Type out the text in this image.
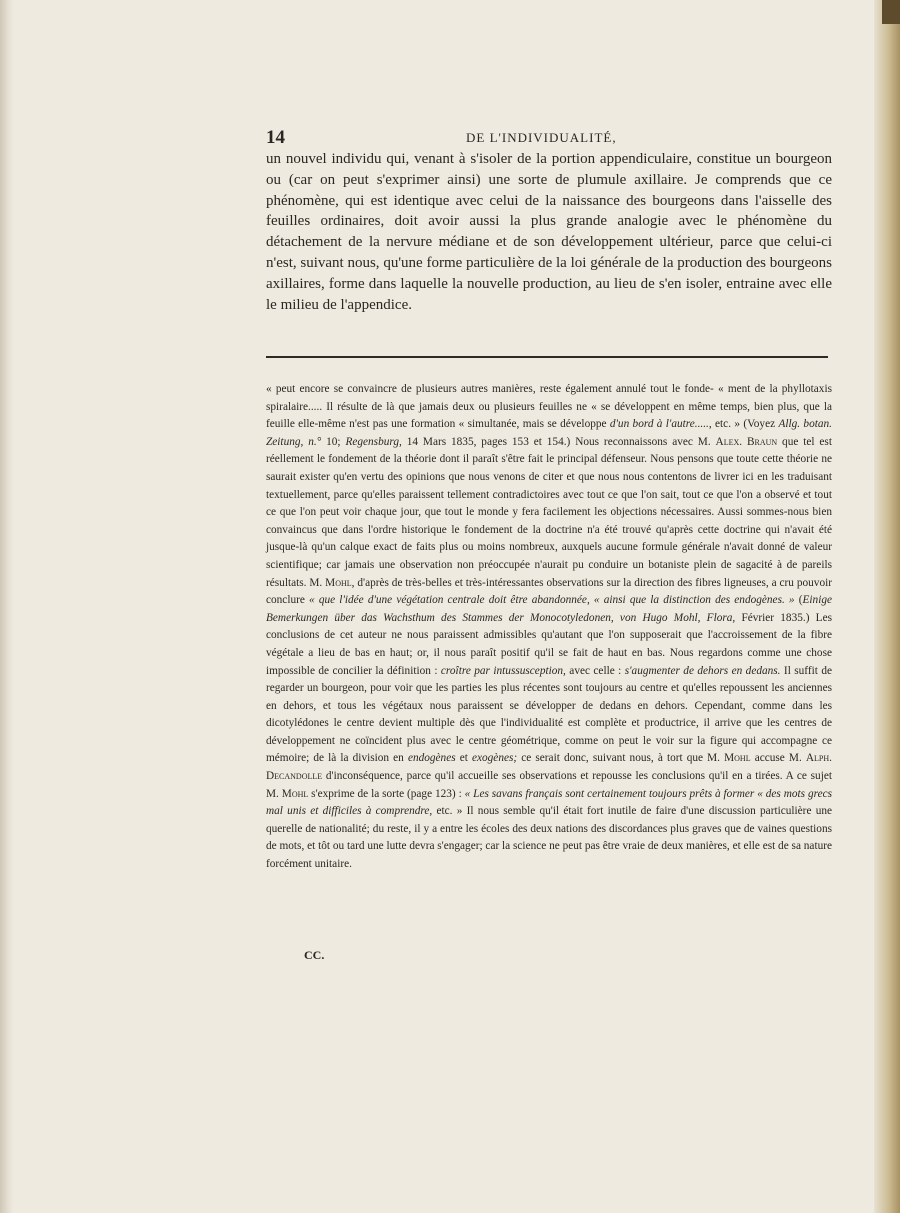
14	DE L'INDIVIDUALITÉ,

un nouvel individu qui, venant à s'isoler de la portion appendiculaire, constitue un bourgeon ou (car on peut s'exprimer ainsi) une sorte de plumule axillaire. Je comprends que ce phénomène, qui est identique avec celui de la naissance des bourgeons dans l'aisselle des feuilles ordinaires, doit avoir aussi la plus grande analogie avec le phénomène du détachement de la nervure médiane et de son développement ultérieur, parce que celui-ci n'est, suivant nous, qu'une forme particulière de la loi générale de la production des bourgeons axillaires, forme dans laquelle la nouvelle production, au lieu de s'en isoler, entraine avec elle le milieu de l'appendice.

« peut encore se convaincre de plusieurs autres manières, reste également annulé tout le fonde- « ment de la phyllotaxis spiralaire..... Il résulte de là que jamais deux ou plusieurs feuilles ne « se développent en même temps, bien plus, que la feuille elle-même n'est pas une formation « simultanée, mais se développe d'un bord à l'autre....., etc. » (Voyez Allg. botan. Zeitung, n.° 10; Regensburg, 14 Mars 1835, pages 153 et 154.) Nous reconnaissons avec M. Alex. Braun que tel est réellement le fondement de la théorie dont il paraît s'être fait le principal défenseur. Nous pensons que toute cette théorie ne saurait exister qu'en vertu des opinions que nous venons de citer et que nous nous contentons de livrer ici en les traduisant textuellement, parce qu'elles paraissent tellement contradictoires avec tout ce que l'on sait, tout ce que l'on a observé et tout ce que l'on peut voir chaque jour, que tout le monde y fera facilement les objections nécessaires. Aussi sommes-nous bien convaincus que dans l'ordre historique le fondement de la doctrine n'a été trouvé qu'après cette doctrine qui n'avait été jusque-là qu'un calque exact de faits plus ou moins nombreux, auxquels aucune formule générale n'avait donné de valeur scientifique; car jamais une observation non préoccupée n'aurait pu conduire un botaniste plein de sagacité à de pareils résultats. M. Mohl, d'après de très-belles et très-intéressantes observations sur la direction des fibres ligneuses, a cru pouvoir conclure « que l'idée d'une végétation centrale doit être abandonnée, « ainsi que la distinction des endogènes. » (Einige Bemerkungen über das Wachsthum des Stammes der Monocotyledonen, von Hugo Mohl, Flora, Février 1835.) Les conclusions de cet auteur ne nous paraissent admissibles qu'autant que l'on supposerait que l'accroissement de la fibre végétale a lieu de bas en haut; or, il nous paraît positif qu'il se fait de haut en bas. Nous regardons comme une chose impossible de concilier la définition : croître par intussusception, avec celle : s'augmenter de dehors en dedans. Il suffit de regarder un bourgeon, pour voir que les parties les plus récentes sont toujours au centre et qu'elles repoussent les anciennes en dehors, et tous les végétaux nous paraissent se développer de dedans en dehors. Cependant, comme dans les dicotylédones le centre devient multiple dès que l'individualité est complète et productrice, il arrive que les centres de développement ne coïncident plus avec le centre géométrique, comme on peut le voir sur la figure qui accompagne ce mémoire; de là la division en endogènes et exogènes; ce serait donc, suivant nous, à tort que M. Mohl accuse M. Alph. Decandolle d'inconséquence, parce qu'il accueille ses observations et repousse les conclusions qu'il en a tirées. A ce sujet M. Mohl s'exprime de la sorte (page 123) : « Les savans français sont certainement toujours prêts à former « des mots grecs mal unis et difficiles à comprendre, etc. » Il nous semble qu'il était fort inutile de faire d'une discussion particulière une querelle de nationalité; du reste, il y a entre les écoles des deux nations des discordances plus graves que de vaines questions de mots, et tôt ou tard une lutte devra s'engager; car la science ne peut pas être vraie de deux manières, et elle est de sa nature forcément unitaire.

CC.
